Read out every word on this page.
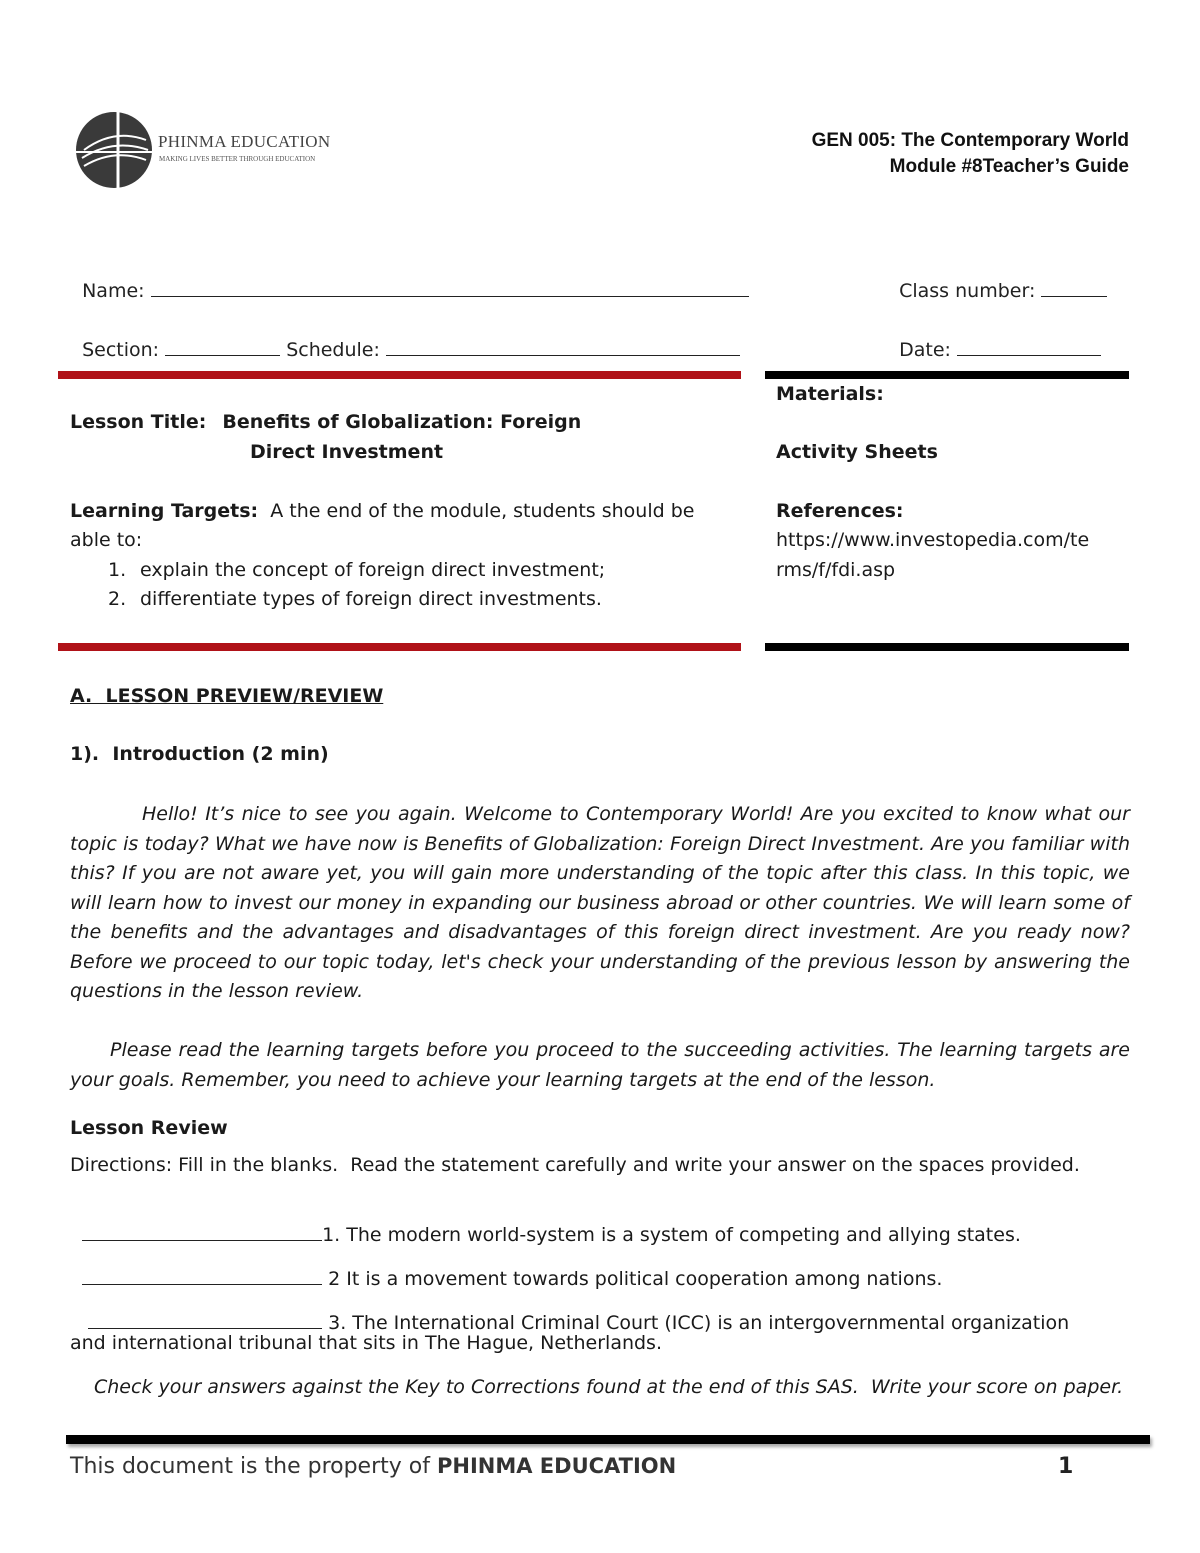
PHINMA EDUCATION
MAKING LIVES BETTER THROUGH EDUCATION
GEN 005: The Contemporary World
Module #8Teacher’s Guide

Name:	Class number:

Section:	Schedule:	Date:

Lesson Title: Benefits of Globalization: Foreign
Direct Investment
Learning Targets: A the end of the module, students should be
able to:
1. explain the concept of foreign direct investment;
2. differentiate types of foreign direct investments.
Materials:
Activity Sheets
References:
https://www.investopedia.com/te
rms/f/fdi.asp
A.  LESSON PREVIEW/REVIEW
1).  Introduction (2 min)
Hello! It’s nice to see you again. Welcome to Contemporary World! Are you excited to know what our topic is today? What we have now is Benefits of Globalization: Foreign Direct Investment. Are you familiar with this? If you are not aware yet, you will gain more understanding of the topic after this class. In this topic, we will learn how to invest our money in expanding our business abroad or other countries. We will learn some of the benefits and the advantages and disadvantages of this foreign direct investment. Are you ready now? Before we proceed to our topic today, let's check your understanding of the previous lesson by answering the questions in the lesson review.
Please read the learning targets before you proceed to the succeeding activities. The learning targets are your goals. Remember, you need to achieve your learning targets at the end of the lesson.
Lesson Review
Directions: Fill in the blanks.  Read the statement carefully and write your answer on the spaces provided.

1. The modern world-system is a system of competing and allying states.

2 It is a movement towards political cooperation among nations.

3. The International Criminal Court (ICC) is an intergovernmental organization

and international tribunal that sits in The Hague, Netherlands.
Check your answers against the Key to Corrections found at the end of this SAS.  Write your score on paper.
This document is the property of PHINMA EDUCATION	1
